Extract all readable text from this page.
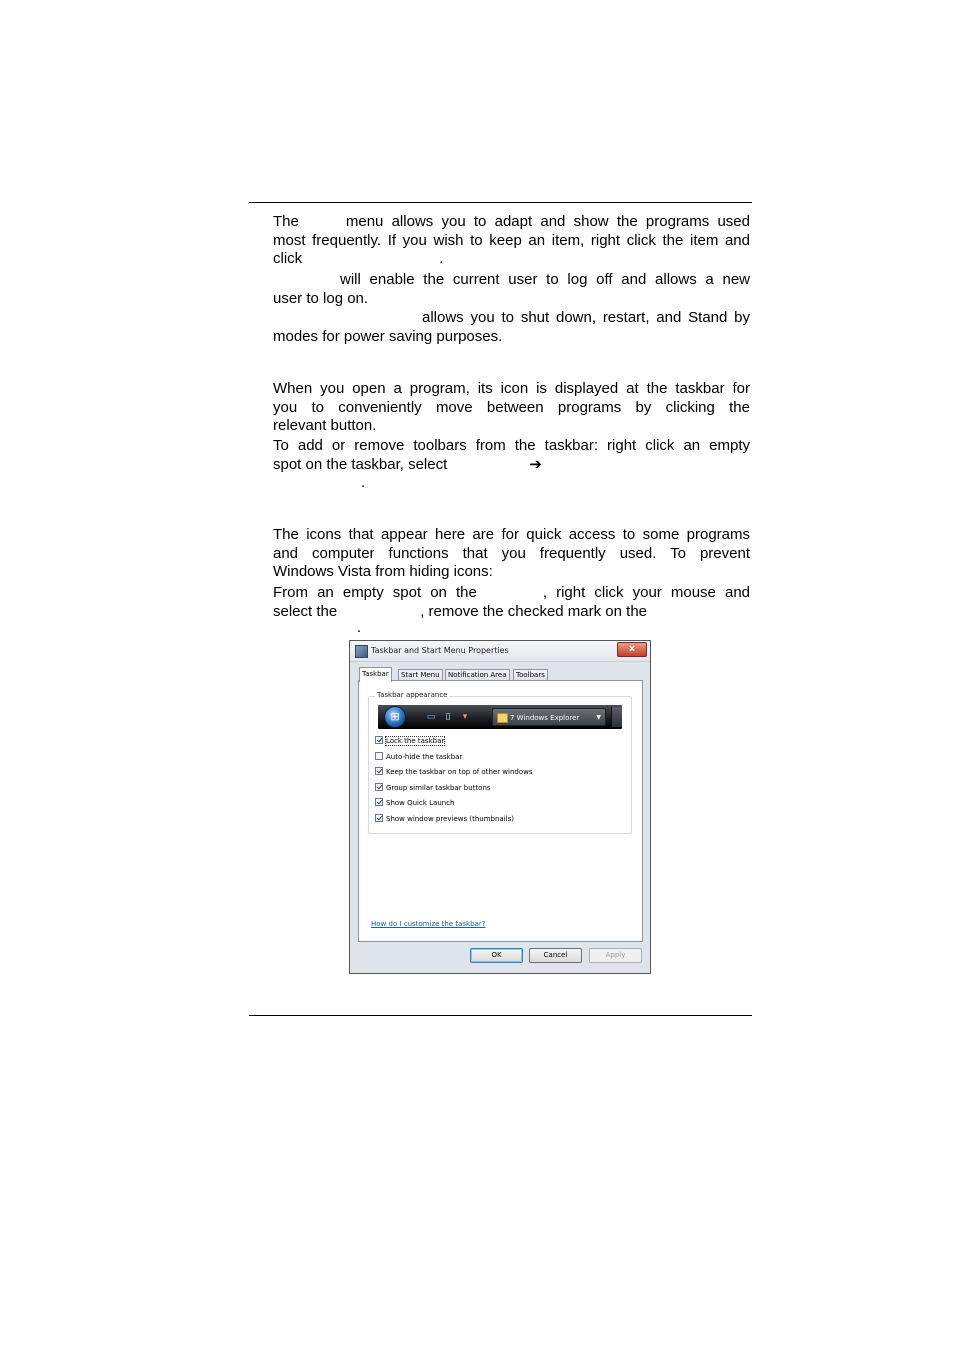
The	menu allows you to adapt and show the programs used
most frequently. If you wish to keep an item, right click the item and
click	.
will enable the current user to log off and allows a new
user to log on.
allows you to shut down, restart, and Stand by
modes for power saving purposes.
When you open a program, its icon is displayed at the taskbar for
you to conveniently move between programs by clicking the
relevant button.
To add or remove toolbars from the taskbar: right click an empty
spot on the taskbar, select	➔
.
The icons that appear here are for quick access to some programs
and computer functions that you frequently used. To prevent
Windows Vista from hiding icons:
From an empty spot on the	, right click your mouse and
select the	, remove the checked mark on the
.
Taskbar and Start Menu Properties	x
Taskbar	Start Menu	Notification Area	Toolbars
Taskbar appearance
⊞	▭ ▯	▾	7 Windows Explorer	▼
Lock the taskbar
Auto-hide the taskbar
Keep the taskbar on top of other windows
Group similar taskbar buttons
Show Quick Launch
Show window previews (thumbnails)
How do I customize the taskbar?
OK	Cancel	Apply
